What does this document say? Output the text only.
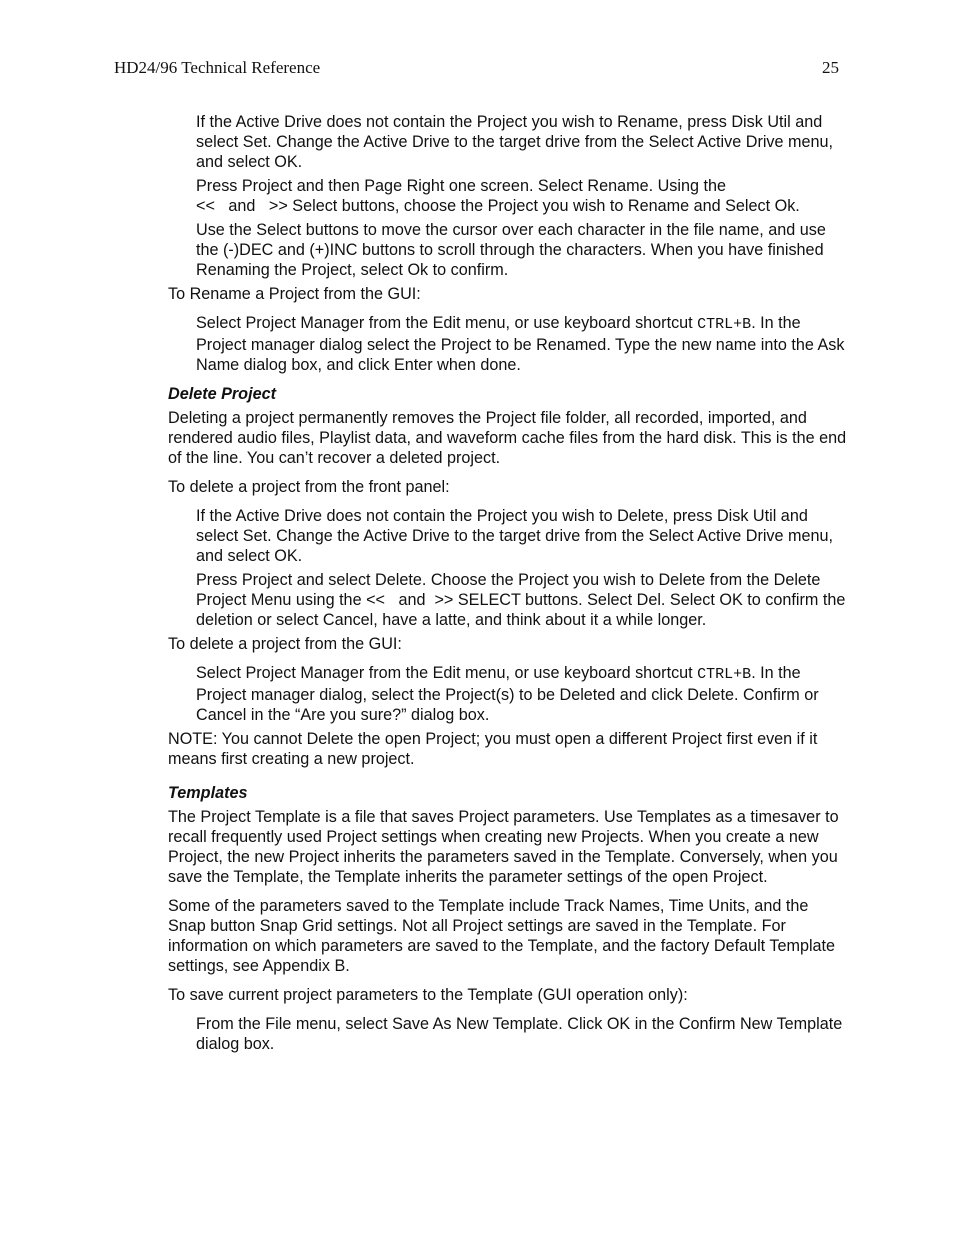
HD24/96 Technical Reference	25

If the Active Drive does not contain the Project you wish to Rename, press Disk Util and select Set. Change the Active Drive to the target drive from the Select Active Drive menu, and select OK.

Press Project and then Page Right one screen. Select Rename. Using the
<<   and   >> Select buttons, choose the Project you wish to Rename and Select Ok.

Use the Select buttons to move the cursor over each character in the file name, and use the (-)DEC and (+)INC buttons to scroll through the characters. When you have finished Renaming the Project, select Ok to confirm.

To Rename a Project from the GUI:

Select Project Manager from the Edit menu, or use keyboard shortcut CTRL+B. In the Project manager dialog select the Project to be Renamed. Type the new name into the Ask Name dialog box, and click Enter when done.

Delete Project

Deleting a project permanently removes the Project file folder, all recorded, imported, and rendered audio files, Playlist data, and waveform cache files from the hard disk. This is the end of the line. You can’t recover a deleted project.

To delete a project from the front panel:

If the Active Drive does not contain the Project you wish to Delete, press Disk Util and select Set. Change the Active Drive to the target drive from the Select Active Drive menu, and select OK.

Press Project and select Delete. Choose the Project you wish to Delete from the Delete Project Menu using the <<   and  >> SELECT buttons. Select Del. Select OK to confirm the deletion or select Cancel, have a latte, and think about it a while longer.

To delete a project from the GUI:

Select Project Manager from the Edit menu, or use keyboard shortcut CTRL+B. In the Project manager dialog, select the Project(s) to be Deleted and click Delete. Confirm or Cancel in the “Are you sure?” dialog box.

NOTE: You cannot Delete the open Project; you must open a different Project first even if it means first creating a new project.

Templates

The Project Template is a file that saves Project parameters. Use Templates as a timesaver to recall frequently used Project settings when creating new Projects. When you create a new Project, the new Project inherits the parameters saved in the Template. Conversely, when you save the Template, the Template inherits the parameter settings of the open Project.

Some of the parameters saved to the Template include Track Names, Time Units, and the Snap button Snap Grid settings. Not all Project settings are saved in the Template. For information on which parameters are saved to the Template, and the factory Default Template settings, see Appendix B.

To save current project parameters to the Template (GUI operation only):

From the File menu, select Save As New Template. Click OK in the Confirm New Template dialog box.
